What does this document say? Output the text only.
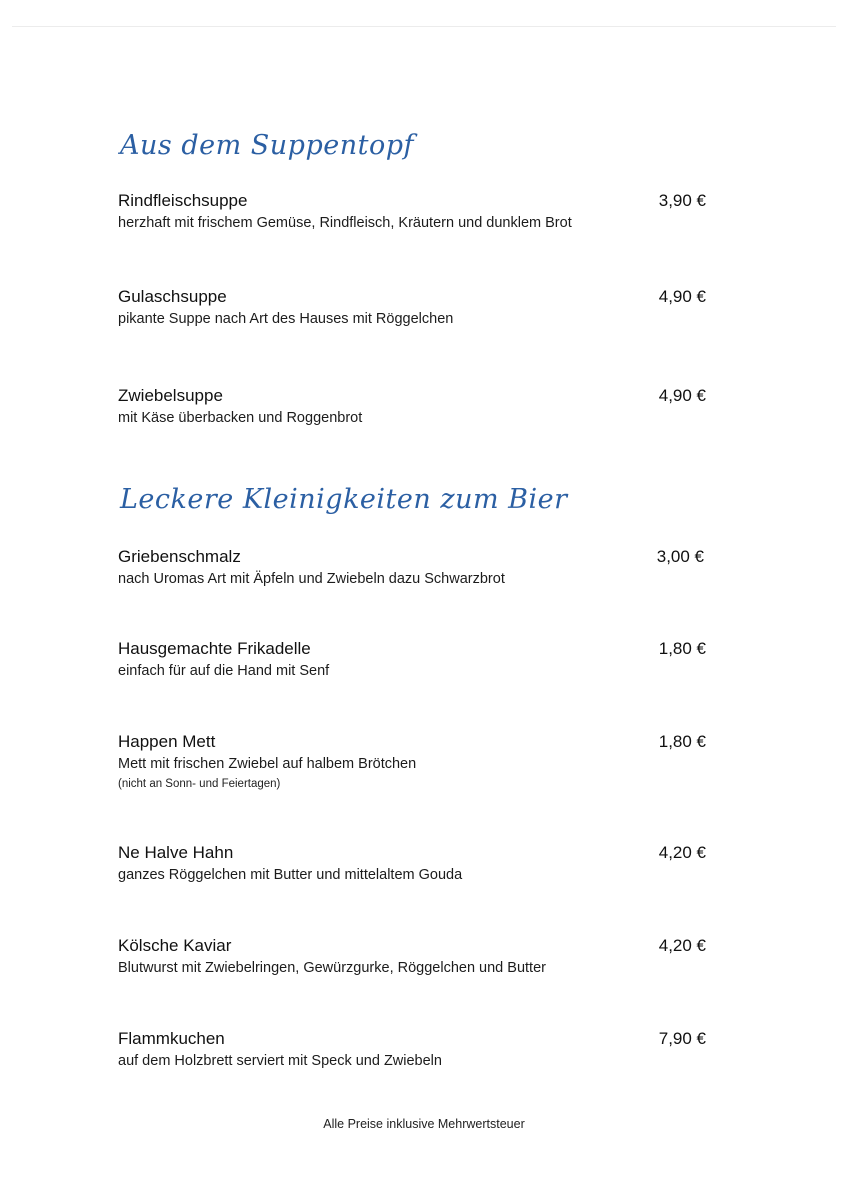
Aus dem Suppentopf
Rindfleischsuppe
herzhaft mit frischem Gemüse, Rindfleisch, Kräutern und dunklem Brot
3,90 €
Gulaschsuppe
pikante Suppe nach Art des Hauses mit Röggelchen
4,90 €
Zwiebelsuppe
mit Käse überbacken und Roggenbrot
4,90 €
Leckere Kleinigkeiten zum Bier
Griebenschmalz
nach Uromas Art mit Äpfeln und Zwiebeln dazu Schwarzbrot
3,00 €
Hausgemachte Frikadelle
einfach für auf die Hand mit Senf
1,80 €
Happen Mett
Mett mit frischen Zwiebel auf halbem Brötchen
(nicht an Sonn- und Feiertagen)
1,80 €
Ne Halve Hahn
ganzes Röggelchen mit Butter und mittelaltem Gouda
4,20 €
Kölsche Kaviar
Blutwurst mit Zwiebelringen, Gewürzgurke, Röggelchen und Butter
4,20 €
Flammkuchen
auf dem Holzbrett serviert mit Speck und Zwiebeln
7,90 €
Alle Preise inklusive Mehrwertsteuer
